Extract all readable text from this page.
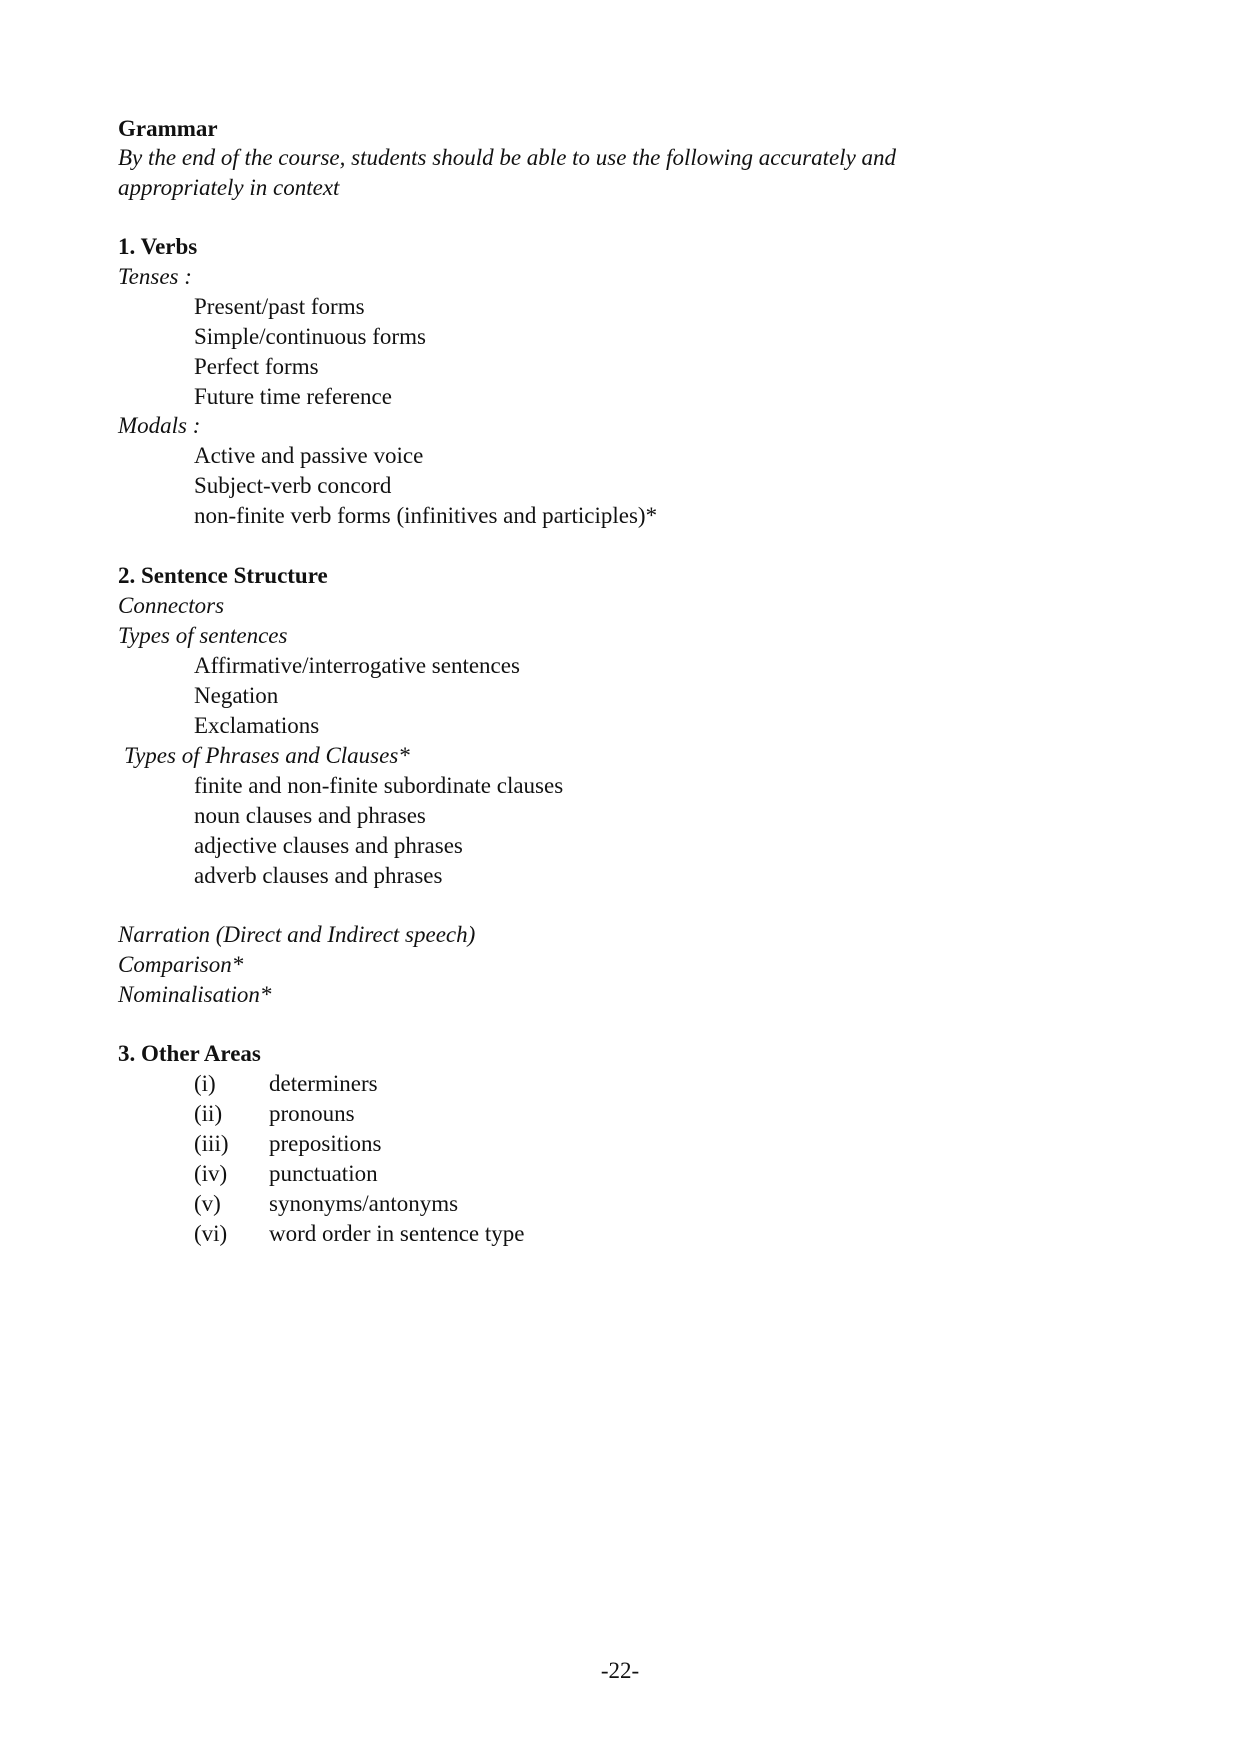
Grammar
By the end of the course, students should be able to use the following accurately and
appropriately in context
1. Verbs
Tenses :
Present/past forms
Simple/continuous forms
Perfect forms
Future time reference
Modals :
Active and passive voice
Subject-verb concord
non-finite verb forms (infinitives and participles)*
2. Sentence Structure
Connectors
Types of sentences
Affirmative/interrogative sentences
Negation
Exclamations
Types of Phrases and Clauses*
finite and non-finite subordinate clauses
noun clauses and phrases
adjective clauses and phrases
adverb clauses and phrases
Narration (Direct and Indirect speech)
Comparison*
Nominalisation*
3. Other Areas
(i) determiners
(ii) pronouns
(iii) prepositions
(iv) punctuation
(v) synonyms/antonyms
(vi) word order in sentence type
-22-
